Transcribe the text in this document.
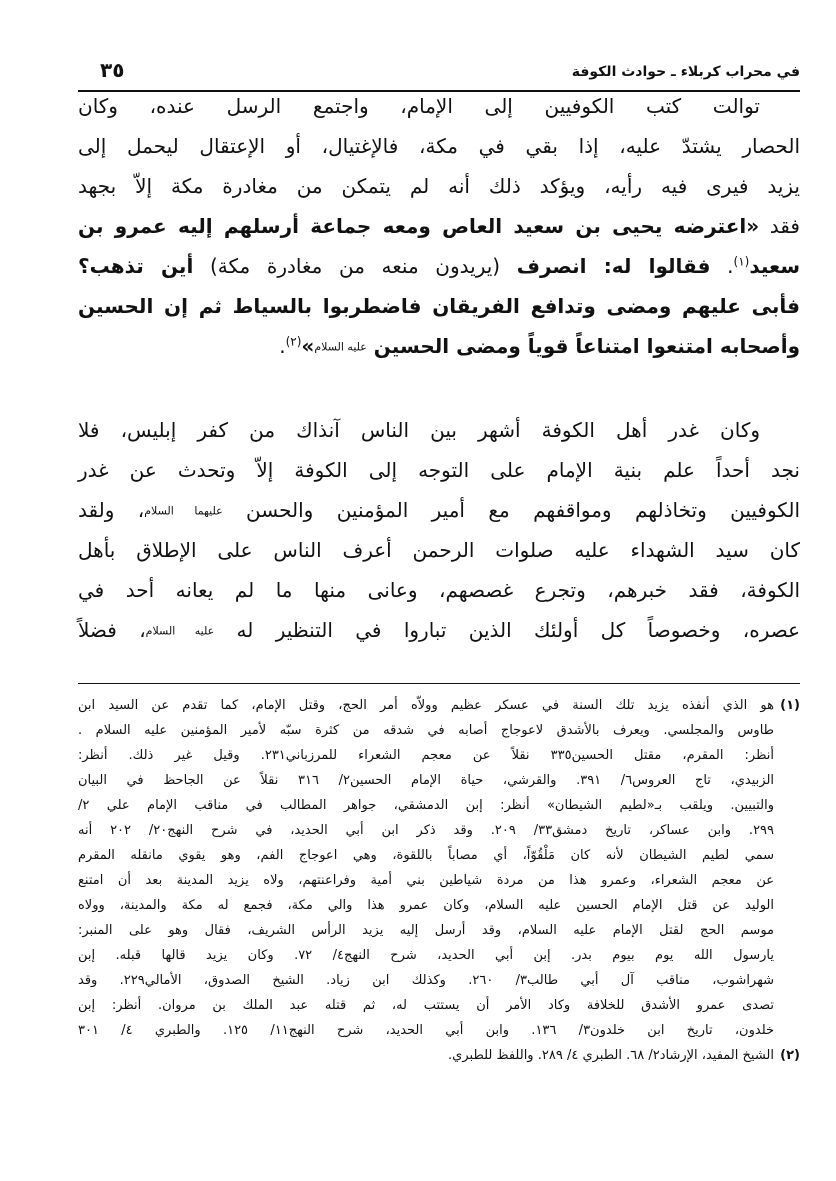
في محراب كربلاء ـ حوادث الكوفة
٣٥
توالت كتب الكوفيين إلى الإمام، واجتمع الرسل عنده، وكان
الحصار يشتدّ عليه، إذا بقي في مكة، فالإغتيال، أو الإعتقال ليحمل إلى
يزيد فيرى فيه رأيه، ويؤكد ذلك أنه لم يتمكن من مغادرة مكة إلاّ بجهد
فقد «اعترضه يحيى بن سعيد العاص ومعه جماعة أرسلهم إليه عمرو بن
سعيد$^{(١)}$. فقالوا له: انصرف (يريدون منعه من مغادرة مكة) أين تذهب؟
فأبى عليهم ومضى وتدافع الفريقان فاضطربوا بالسياط ثم إن الحسين
وأصحابه امتنعوا امتناعاً قوياً ومضى الحسين عليه السلام»$^{(٢)}$.
وكان غدر أهل الكوفة أشهر بين الناس آنذاك من كفر إبليس، فلا
نجد أحداً علم بنية الإمام على التوجه إلى الكوفة إلاّ وتحدث عن غدر
الكوفيين وتخاذلهم ومواقفهم مع أمير المؤمنين والحسن عليهما السلام، ولقد
كان سيد الشهداء عليه صلوات الرحمن أعرف الناس على الإطلاق بأهل
الكوفة، فقد خبرهم، وتجرع غصصهم، وعانى منها ما لم يعانه أحد في
عصره، وخصوصاً كل أولئك الذين تباروا في التنظير له عليه السلام، فضلاً
(١)
هو الذي أنفذه يزيد تلك السنة في عسكر عظيم وولاّه أمر الحج، وقتل الإمام، كما تقدم عن السيد ابن
طاوس والمجلسي. ويعرف بالأشدق لاعوجاج أصابه في شدقه من كثرة سبّه لأمير المؤمنين عليه السلام .
أنظر: المقرم، مقتل الحسين٣٣٥ نقلاً عن معجم الشعراء للمرزباني٢٣١. وقيل غير ذلك. أنظر:
الزبيدي، تاج العروس٦/ ٣٩١. والقرشي، حياة الإمام الحسين٢/ ٣١٦ نقلاً عن الجاحظ في البيان
والتبيين. ويلقب بـ«لطيم الشيطان» أنظر: إبن الدمشقي، جواهر المطالب في مناقب الإمام علي ٢/
٢٩٩. وابن عساكر، تاريخ دمشق٣٣/ ٢٠٩. وقد ذكر ابن أبي الحديد، في شرح النهج٢٠/ ٢٠٢ أنه
سمي لطيم الشيطان لأنه كان مَلْقُوّاً، أي مصاباً باللقوة، وهي اعوجاج الفم، وهو يقوي مانقله المقرم
عن معجم الشعراء، وعمرو هذا من مردة شياطين بني أمية وفراعنتهم، ولاه يزيد المدينة بعد أن امتنع
الوليد عن قتل الإمام الحسين عليه السلام، وكان عمرو هذا والي مكة، فجمع له مكة والمدينة، وولاه
موسم الحج لقتل الإمام عليه السلام، وقد أرسل إليه يزيد الرأس الشريف، فقال وهو على المنبر:
يارسول الله يوم بيوم بدر. إبن أبي الحديد، شرح النهج٤/ ٧٢. وكان يزيد قالها قبله. إبن
شهراشوب، مناقب آل أبي طالب٣/ ٢٦٠. وكذلك ابن زياد. الشيخ الصدوق، الأمالي٢٢٩. وقد
تصدى عمرو الأشدق للخلافة وكاد الأمر أن يستتب له، ثم قتله عبد الملك بن مروان. أنظر: إبن
خلدون، تاريخ ابن خلدون٣/ ١٣٦. وابن أبي الحديد، شرح النهج١١/ ١٢٥. والطبري ٤/ ٣٠١
(٢)
الشيخ المفيد، الإرشاد٢/ ٦٨. الطبري ٤/ ٢٨٩. واللفظ للطبري.
